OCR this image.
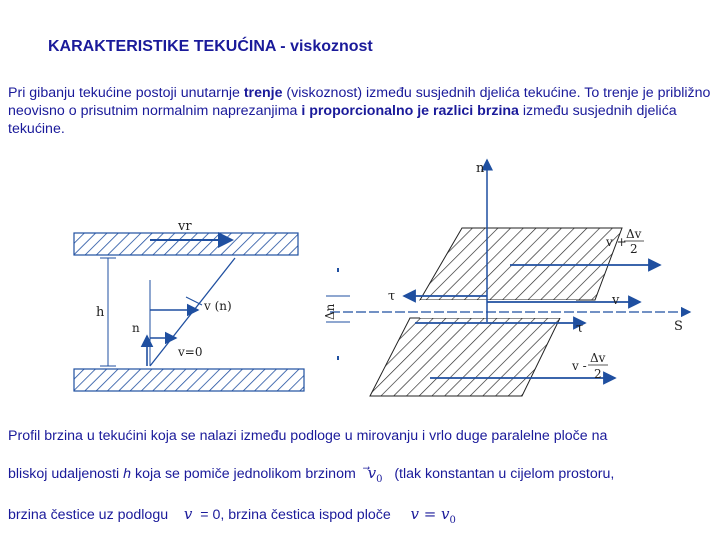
KARAKTERISTIKE TEKUĆINA - viskoznost
Pri gibanju tekućine postoji unutarnje trenje (viskoznost) između susjednih djelića tekućine. To trenje je približno neovisno o prisutnim normalnim naprezanjima i proporcionalno je razlici brzina između susjednih djelića tekućine.
vr
h
n
v (n)
v=0
n
v +
Δv
2
τ	v
Δn
τ	S
v -
Δv
2
Profil brzina u tekućini koja se nalazi između podloge u mirovanju i vrlo duge paralelne ploče na
bliskoj udaljenosti h koja se pomiče jednolikom brzinom $v_0$ (tlak konstantan u cijelom prostoru,
brzina čestice uz podlogu v = 0, brzina čestica ispod ploče $v = v_0$
